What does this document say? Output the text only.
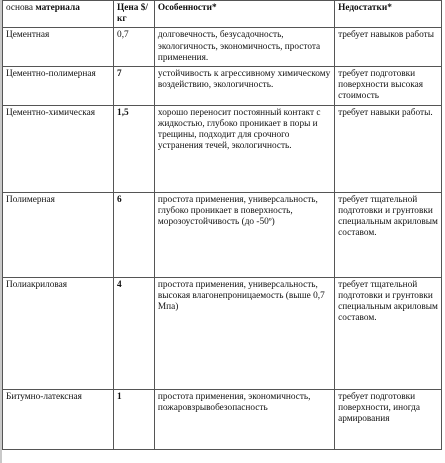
основа материала	Цена $/кг	Особенности*	Недостатки*
Цементная	0,7	долговечность, безусадочность, экологичность, экономичность, простота применения.	требует навыков работы
Цементно-полимерная	7	устойчивость к агрессивному химическому воздействию, экологичность.	требует подготовки поверхности высокая стоимость
Цементно-химическая	1,5	хорошо переносит постоянный контакт с жидкостью, глубоко проникает в поры и трещины, подходит для срочного устранения течей, экологичность.	требует навыки работы.
Полимерная	6	простота применения, универсальность, глубоко проникает в поверхность, морозоустойчивость (до -50º)	требует тщательной подготовки и грунтовки специальным акриловым составом.
Полиакриловая	4	простота применения, универсальность, высокая влагонепроницаемость (выше 0,7 Мпа)	требует тщательной подготовки и грунтовки специальным акриловым составом.
Битумно-латексная	1	простота применения, экономичность, пожаровзрывобезопасность	требует подготовки поверхности, иногда армирования
